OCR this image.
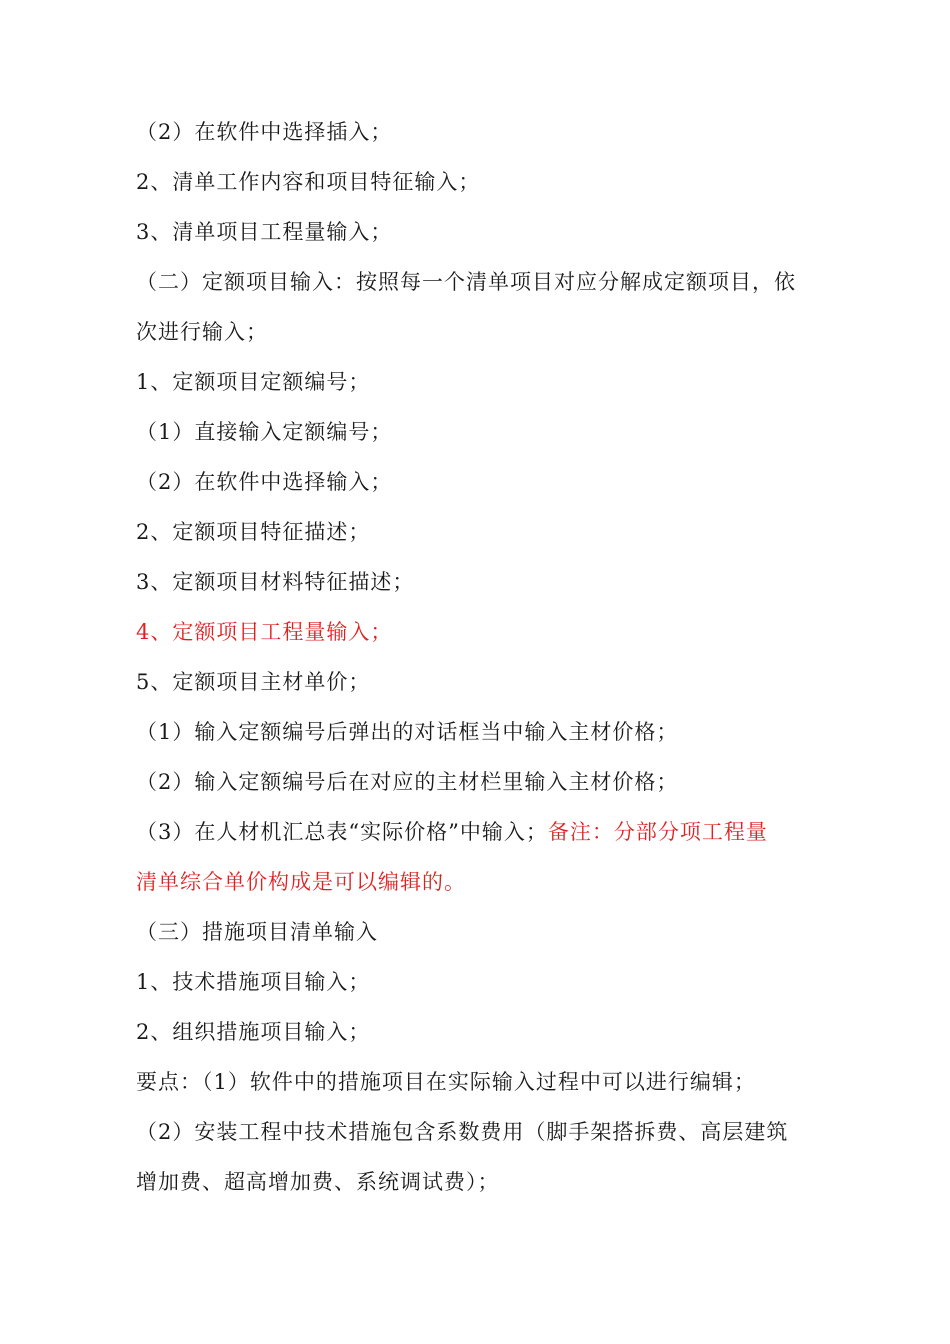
（2）在软件中选择插入；
2、清单工作内容和项目特征输入；
3、清单项目工程量输入；
（二）定额项目输入：按照每一个清单项目对应分解成定额项目，依
次进行输入；
1、定额项目定额编号；
（1）直接输入定额编号；
（2）在软件中选择输入；
2、定额项目特征描述；
3、定额项目材料特征描述；
4、定额项目工程量输入；
5、定额项目主材单价；
（1）输入定额编号后弹出的对话框当中输入主材价格；
（2）输入定额编号后在对应的主材栏里输入主材价格；
（3）在人材机汇总表“实际价格”中输入；备注：分部分项工程量
清单综合单价构成是可以编辑的。
（三）措施项目清单输入
1、技术措施项目输入；
2、组织措施项目输入；
要点：（1）软件中的措施项目在实际输入过程中可以进行编辑；
（2）安装工程中技术措施包含系数费用（脚手架搭拆费、高层建筑
增加费、超高增加费、系统调试费）；
